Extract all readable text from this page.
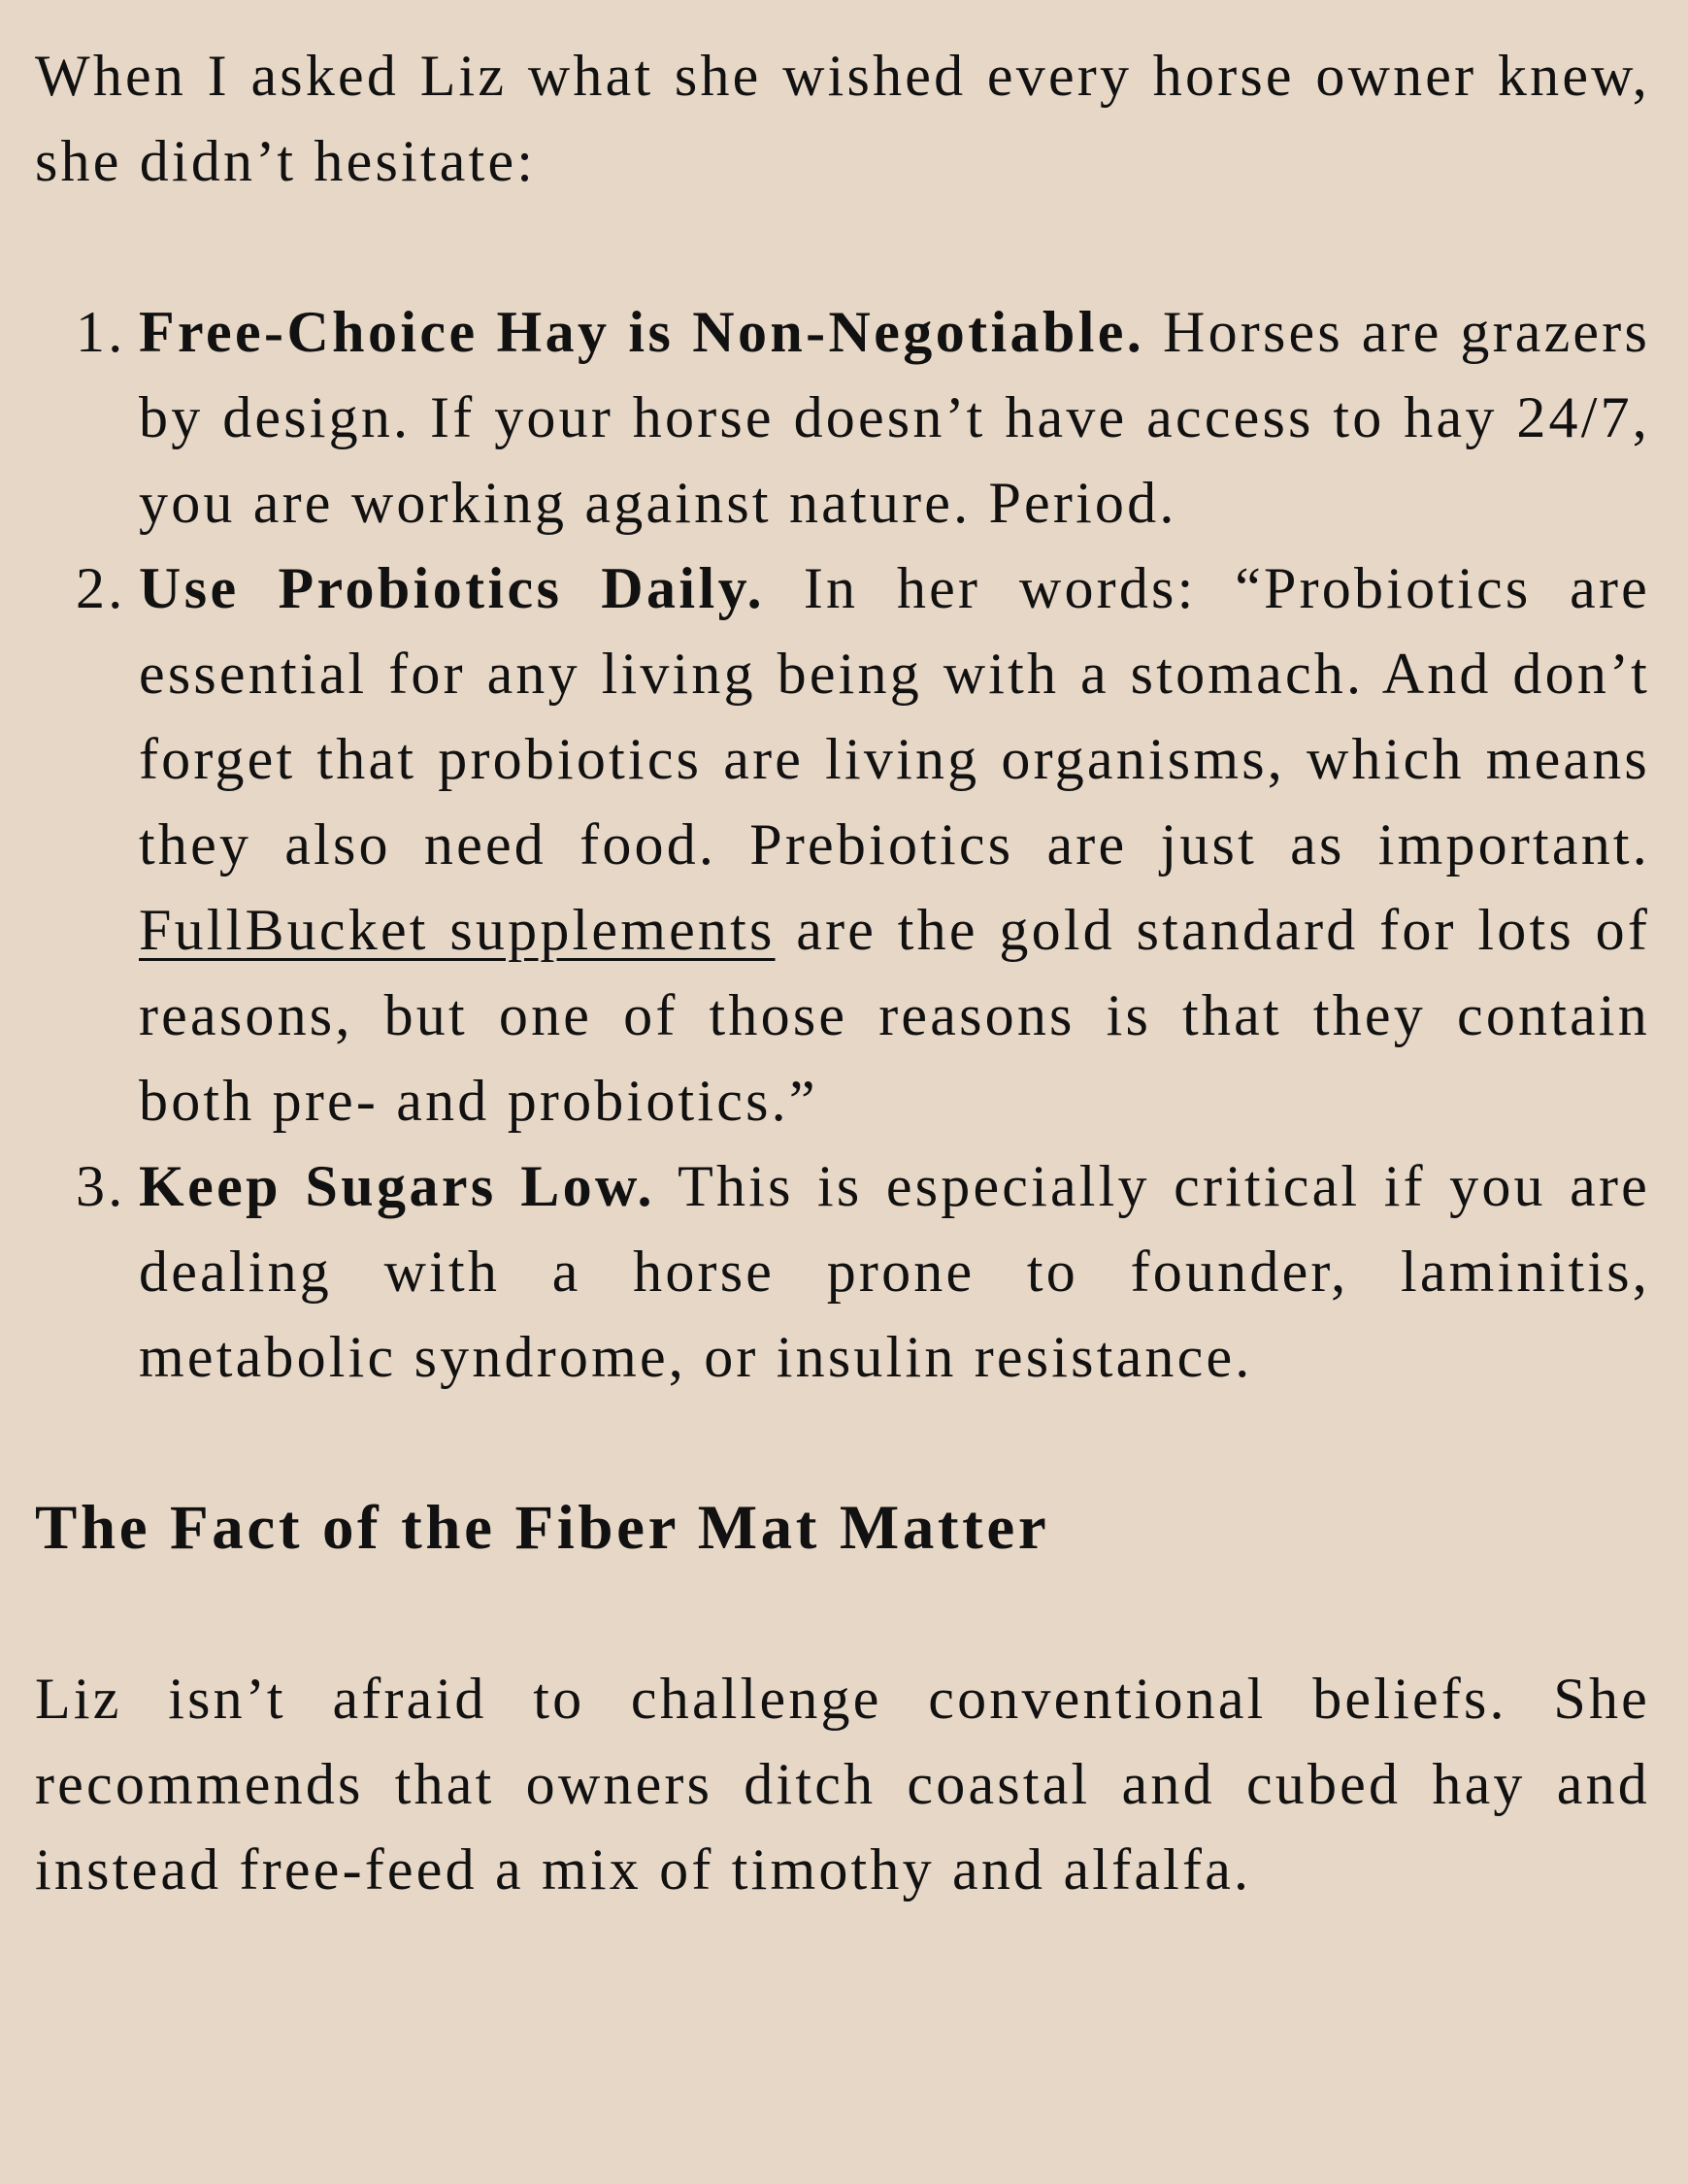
When I asked Liz what she wished every horse owner knew, she didn’t hesitate:

1. Free-Choice Hay is Non-Negotiable. Horses are grazers by design. If your horse doesn’t have access to hay 24/7, you are working against nature. Period.
2. Use Probiotics Daily. In her words: “Probiotics are essential for any living being with a stomach. And don’t forget that probiotics are living organisms, which means they also need food. Prebiotics are just as important. FullBucket supplements are the gold standard for lots of reasons, but one of those reasons is that they contain both pre- and probiotics.”
3. Keep Sugars Low. This is especially critical if you are dealing with a horse prone to founder, laminitis, metabolic syndrome, or insulin resistance.
The Fact of the Fiber Mat Matter

Liz isn’t afraid to challenge conventional beliefs. She recommends that owners ditch coastal and cubed hay and instead free-feed a mix of timothy and alfalfa.
